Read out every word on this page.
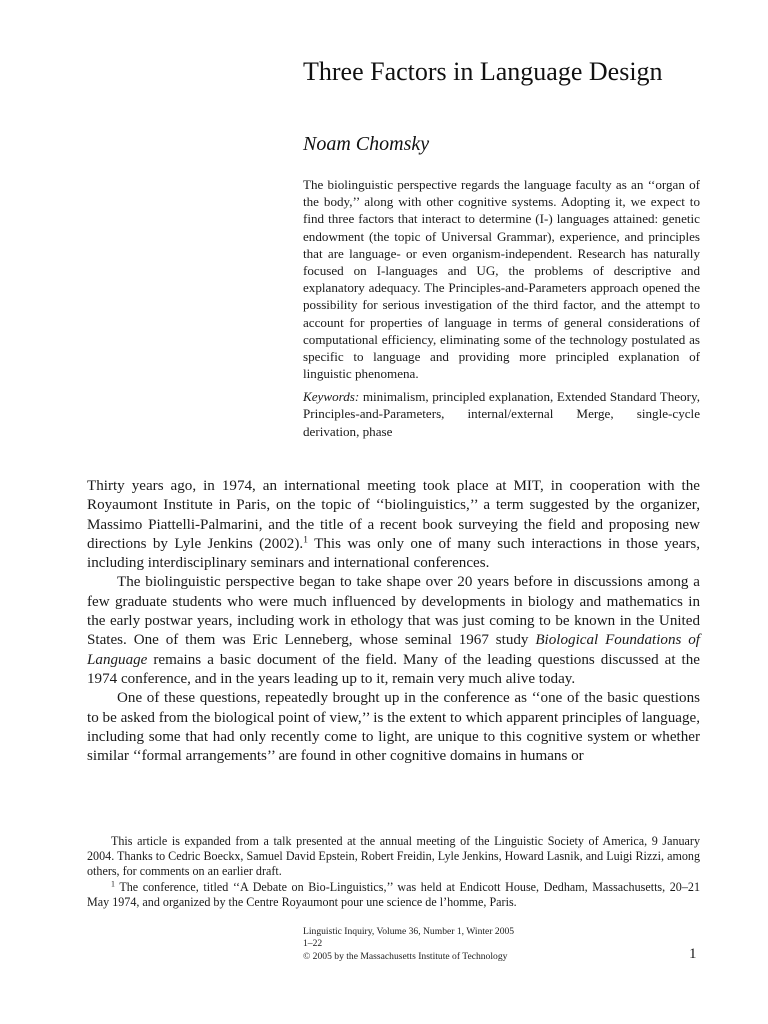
Three Factors in Language Design

Noam Chomsky

The biolinguistic perspective regards the language faculty as an ‘‘organ of the body,’’ along with other cognitive systems. Adopting it, we expect to find three factors that interact to determine (I-) languages attained: genetic endowment (the topic of Universal Grammar), experience, and principles that are language- or even organism-independent. Research has naturally focused on I-languages and UG, the problems of descriptive and explanatory adequacy. The Principles-and-Parameters approach opened the possibility for serious investigation of the third factor, and the attempt to account for properties of language in terms of general considerations of computational efficiency, eliminating some of the technology postulated as specific to language and providing more principled explanation of linguistic phenomena.

Keywords: minimalism, principled explanation, Extended Standard Theory, Principles-and-Parameters, internal/external Merge, single-cycle derivation, phase

Thirty years ago, in 1974, an international meeting took place at MIT, in cooperation with the Royaumont Institute in Paris, on the topic of ‘‘biolinguistics,’’ a term suggested by the organizer, Massimo Piattelli-Palmarini, and the title of a recent book surveying the field and proposing new directions by Lyle Jenkins (2002).$^1$ This was only one of many such interactions in those years, including interdisciplinary seminars and international conferences.

The biolinguistic perspective began to take shape over 20 years before in discussions among a few graduate students who were much influenced by developments in biology and mathematics in the early postwar years, including work in ethology that was just coming to be known in the United States. One of them was Eric Lenneberg, whose seminal 1967 study Biological Foundations of Language remains a basic document of the field. Many of the leading questions discussed at the 1974 conference, and in the years leading up to it, remain very much alive today.

One of these questions, repeatedly brought up in the conference as ‘‘one of the basic questions to be asked from the biological point of view,’’ is the extent to which apparent principles of language, including some that had only recently come to light, are unique to this cognitive system or whether similar ‘‘formal arrangements’’ are found in other cognitive domains in humans or

This article is expanded from a talk presented at the annual meeting of the Linguistic Society of America, 9 January 2004. Thanks to Cedric Boeckx, Samuel David Epstein, Robert Freidin, Lyle Jenkins, Howard Lasnik, and Luigi Rizzi, among others, for comments on an earlier draft.

$^1$ The conference, titled ‘‘A Debate on Bio-Linguistics,’’ was held at Endicott House, Dedham, Massachusetts, 20–21 May 1974, and organized by the Centre Royaumont pour une science de l’homme, Paris.

Linguistic Inquiry, Volume 36, Number 1, Winter 2005
1–22
© 2005 by the Massachusetts Institute of Technology	1
